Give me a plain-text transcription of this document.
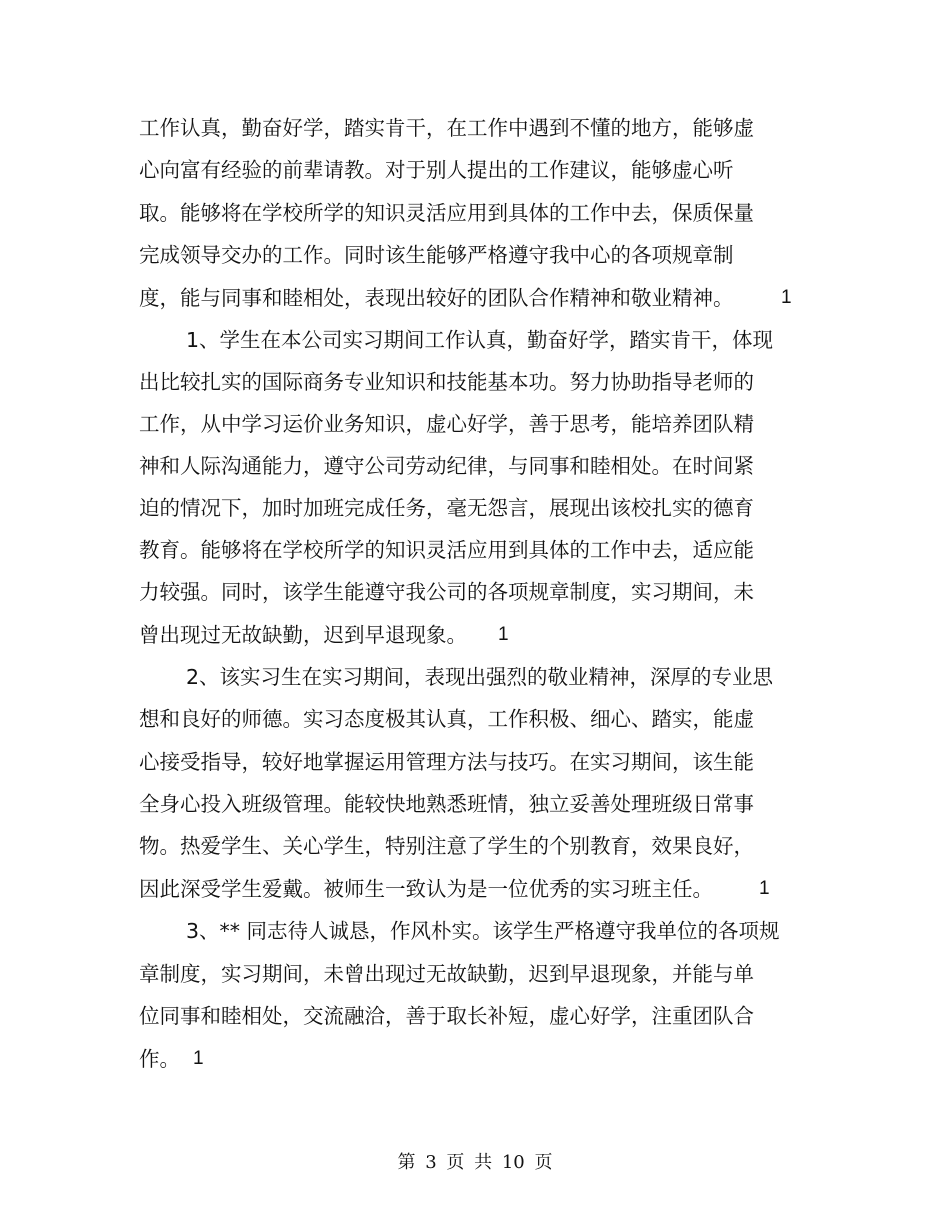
工作认真，勤奋好学，踏实肯干，在工作中遇到不懂的地方，能够虚
心向富有经验的前辈请教。对于别人提出的工作建议，能够虚心听
取。能够将在学校所学的知识灵活应用到具体的工作中去，保质保量
完成领导交办的工作。同时该生能够严格遵守我中心的各项规章制
度，能与同事和睦相处，表现出较好的团队合作精神和敬业精神。	1
1、学生在本公司实习期间工作认真，勤奋好学，踏实肯干，体现
出比较扎实的国际商务专业知识和技能基本功。努力协助指导老师的
工作，从中学习运价业务知识，虚心好学，善于思考，能培养团队精
神和人际沟通能力，遵守公司劳动纪律，与同事和睦相处。在时间紧
迫的情况下，加时加班完成任务，毫无怨言，展现出该校扎实的德育
教育。能够将在学校所学的知识灵活应用到具体的工作中去，适应能
力较强。同时，该学生能遵守我公司的各项规章制度，实习期间，未
曾出现过无故缺勤，迟到早退现象。 1
2、该实习生在实习期间，表现出强烈的敬业精神，深厚的专业思
想和良好的师德。实习态度极其认真，工作积极、细心、踏实，能虚
心接受指导，较好地掌握运用管理方法与技巧。在实习期间，该生能
全身心投入班级管理。能较快地熟悉班情，独立妥善处理班级日常事
物。热爱学生、关心学生，特别注意了学生的个别教育，效果良好，
因此深受学生爱戴。被师生一致认为是一位优秀的实习班主任。 1
3、** 同志待人诚恳，作风朴实。该学生严格遵守我单位的各项规
章制度，实习期间，未曾出现过无故缺勤，迟到早退现象，并能与单
位同事和睦相处，交流融洽，善于取长补短，虚心好学，注重团队合
作。 1
第 3 页 共 10 页
